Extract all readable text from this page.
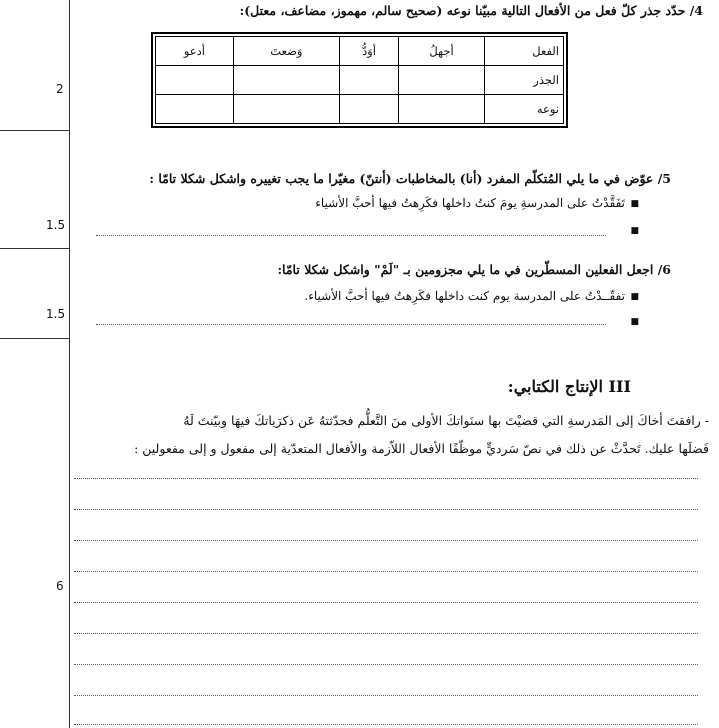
2
1.5
1.5
6
4/ حدّد جذر كلّ فعل من الأفعال التالية مبيّنا نوعه (صحيح سالم، مهموز، مضاعف، معتل):
الفعل	أجهلُ	أوَدُّ	وَضعتَ	أدعو
الجذر				
نوعه				
5/ عوّض في ما يلي المُتكلّم المفرد (أنا) بالمخاطبات (أنتنّ) مغيّرا ما يجب تغييره واشكل شكلا تامّا :
■
تَفَقَّدْتُ على المدرسةِ يومَ كنتُ داخلها فكَرِهتُ فيها أحبَّ الأشياء
■
6/ اجعل الفعلين المسطّرين في ما يلي مجزومين بـ "لَمْ" واشكل شكلا تامّا:
■
تفقّــدْتُ على المدرسة يوم كنت داخلها فكَرِهتُ فيها أحبَّ الأشياء.
■
III الإنتاج الكتابي:
- رافقتَ أخاكَ إلى المَدرسةِ التي قضيْتَ بها سنَواتكَ الأولى منَ التَّعلُّم فحدّثتهُ عَن ذكرَياتكَ فيهَا وبيّنتَ لَهُ
فَضلَها عليك. تَحدَّثْ عن ذلك في نصّ سَرديٍّ موظّفًا الأفعال اللاّزمة والأفعال المتعدّية إلى مفعول و إلى مفعولين :
